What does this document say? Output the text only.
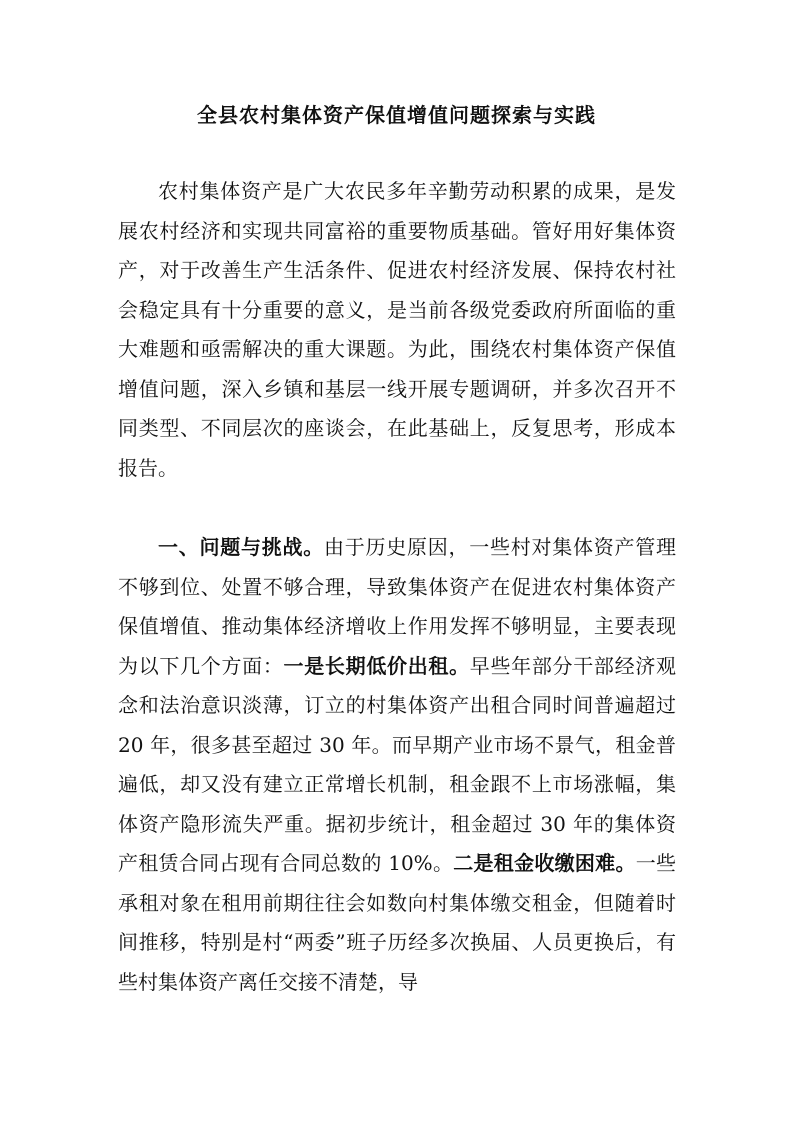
全县农村集体资产保值增值问题探索与实践

农村集体资产是广大农民多年辛勤劳动积累的成果，是发展农村经济和实现共同富裕的重要物质基础。管好用好集体资产，对于改善生产生活条件、促进农村经济发展、保持农村社会稳定具有十分重要的意义，是当前各级党委政府所面临的重大难题和亟需解决的重大课题。为此，围绕农村集体资产保值增值问题，深入乡镇和基层一线开展专题调研，并多次召开不同类型、不同层次的座谈会，在此基础上，反复思考，形成本报告。

一、问题与挑战。由于历史原因，一些村对集体资产管理不够到位、处置不够合理，导致集体资产在促进农村集体资产保值增值、推动集体经济增收上作用发挥不够明显，主要表现为以下几个方面：一是长期低价出租。早些年部分干部经济观念和法治意识淡薄，订立的村集体资产出租合同时间普遍超过 20 年，很多甚至超过 30 年。而早期产业市场不景气，租金普遍低，却又没有建立正常增长机制，租金跟不上市场涨幅，集体资产隐形流失严重。据初步统计，租金超过 30 年的集体资产租赁合同占现有合同总数的 10%。二是租金收缴困难。一些承租对象在租用前期往往会如数向村集体缴交租金，但随着时间推移，特别是村“两委”班子历经多次换届、人员更换后，有些村集体资产离任交接不清楚，导
